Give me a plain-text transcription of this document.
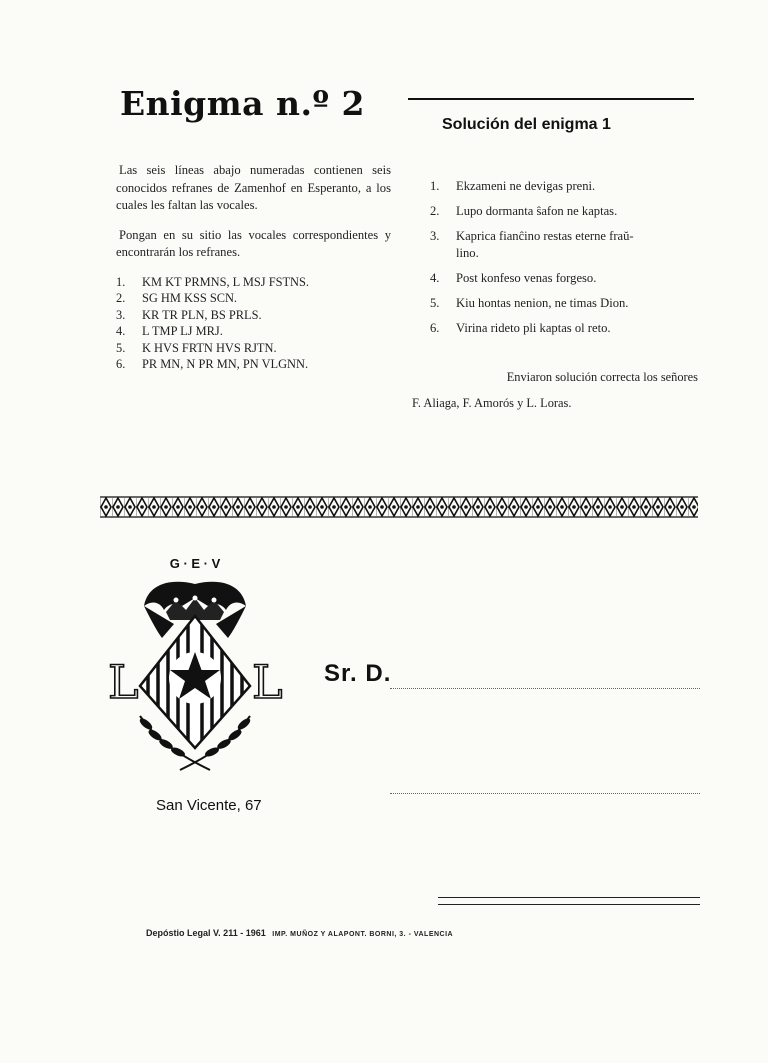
Enigma n.º 2

Las seis líneas abajo numeradas contienen seis conocidos refranes de Zamenhof en Esperanto, a los cuales les faltan las vocales.

Pongan en su sitio las vocales correspondientes y encontrarán los refranes.

1. KM KT PRMNS, L MSJ FSTNS.
2. SG HM KSS SCN.
3. KR TR PLN, BS PRLS.
4. L TMP LJ MRJ.
5. K HVS FRTN HVS RJTN.
6. PR MN, N PR MN, PN VLGNN.
Solución del enigma 1
1. Ekzameni ne devigas preni.
2. Lupo dormanta ŝafon ne kaptas.
3. Kaprica fianĉino restas eterne fraŭ-
lino.
4. Post konfeso venas forgeso.
5. Kiu hontas nenion, ne timas Dion.
6. Virina rideto pli kaptas ol reto.
Enviaron solución correcta los señores
F. Aliaga, F. Amorós y L. Loras.
G · E · V
L L
San Vicente, 67
Sr. D.
Depóstio Legal V. 211 - 1961 IMP. MUÑOZ Y ALAPONT. BORNI, 3. - VALENCIA
